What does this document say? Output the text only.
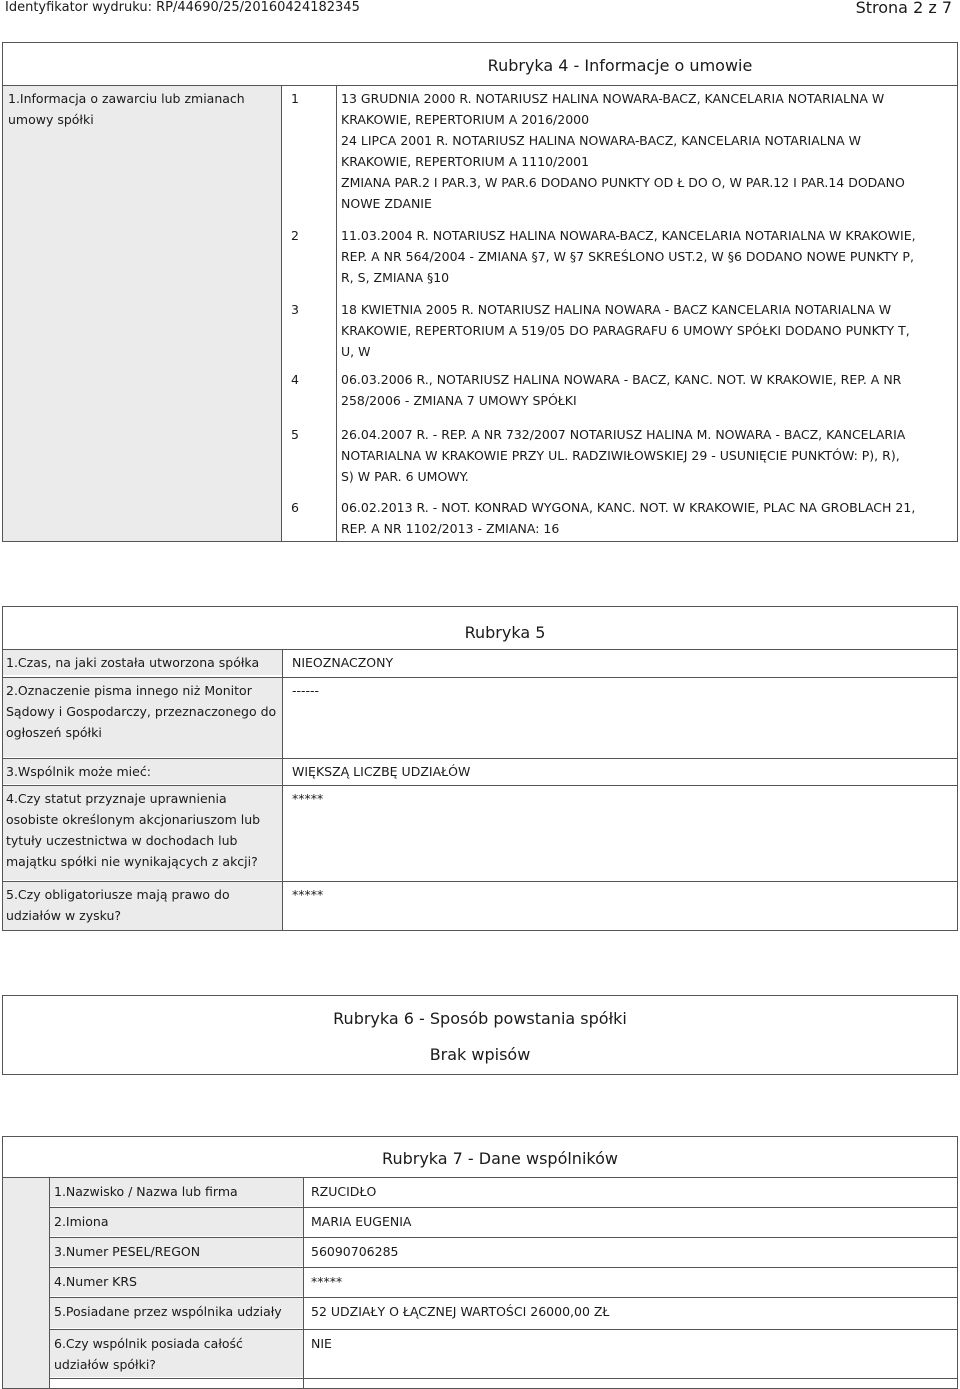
Identyfikator wydruku: RP/44690/25/20160424182345	Strona 2 z 7
Rubryka 4 - Informacje o umowie
1.Informacja o zawarciu lub zmianach umowy spółki
1	13 GRUDNIA 2000 R. NOTARIUSZ HALINA NOWARA-BACZ, KANCELARIA NOTARIALNA W
KRAKOWIE, REPERTORIUM A 2016/2000
24 LIPCA 2001 R. NOTARIUSZ HALINA NOWARA-BACZ, KANCELARIA NOTARIALNA W
KRAKOWIE, REPERTORIUM A 1110/2001
ZMIANA PAR.2 I PAR.3, W PAR.6 DODANO PUNKTY OD Ł DO O, W PAR.12 I PAR.14 DODANO
NOWE ZDANIE
2	11.03.2004 R. NOTARIUSZ HALINA NOWARA-BACZ, KANCELARIA NOTARIALNA W KRAKOWIE,
REP. A NR 564/2004 - ZMIANA §7, W §7 SKREŚLONO UST.2, W §6 DODANO NOWE PUNKTY P,
R, S, ZMIANA §10
3	18 KWIETNIA 2005 R. NOTARIUSZ HALINA NOWARA - BACZ KANCELARIA NOTARIALNA W
KRAKOWIE, REPERTORIUM A 519/05 DO PARAGRAFU 6 UMOWY SPÓŁKI DODANO PUNKTY T,
U, W
4	06.03.2006 R., NOTARIUSZ HALINA NOWARA - BACZ, KANC. NOT. W KRAKOWIE, REP. A NR
258/2006 - ZMIANA 7 UMOWY SPÓŁKI
5	26.04.2007 R. - REP. A NR 732/2007 NOTARIUSZ HALINA M. NOWARA - BACZ, KANCELARIA
NOTARIALNA W KRAKOWIE PRZY UL. RADZIWIŁOWSKIEJ 29 - USUNIĘCIE PUNKTÓW: P), R),
S) W PAR. 6 UMOWY.
6	06.02.2013 R. - NOT. KONRAD WYGONA, KANC. NOT. W KRAKOWIE, PLAC NA GROBLACH 21,
REP. A NR 1102/2013 - ZMIANA: 16
Rubryka 5
1.Czas, na jaki została utworzona spółka	NIEOZNACZONY
2.Oznaczenie pisma innego niż Monitor
Sądowy i Gospodarczy, przeznaczonego do
ogłoszeń spółki
------
3.Wspólnik może mieć:	WIĘKSZĄ LICZBĘ UDZIAŁÓW
4.Czy statut przyznaje uprawnienia
osobiste określonym akcjonariuszom lub
tytuły uczestnictwa w dochodach lub
majątku spółki nie wynikających z akcji?
*****
5.Czy obligatoriusze mają prawo do
udziałów w zysku?
*****
Rubryka 6 - Sposób powstania spółki
Brak wpisów
Rubryka 7 - Dane wspólników
1.Nazwisko / Nazwa lub firma	RZUCIDŁO
2.Imiona	MARIA EUGENIA
3.Numer PESEL/REGON	56090706285
4.Numer KRS	*****
5.Posiadane przez wspólnika udziały	52 UDZIAŁY O ŁĄCZNEJ WARTOŚCI 26000,00 ZŁ
6.Czy wspólnik posiada całość
udziałów spółki?
NIE
